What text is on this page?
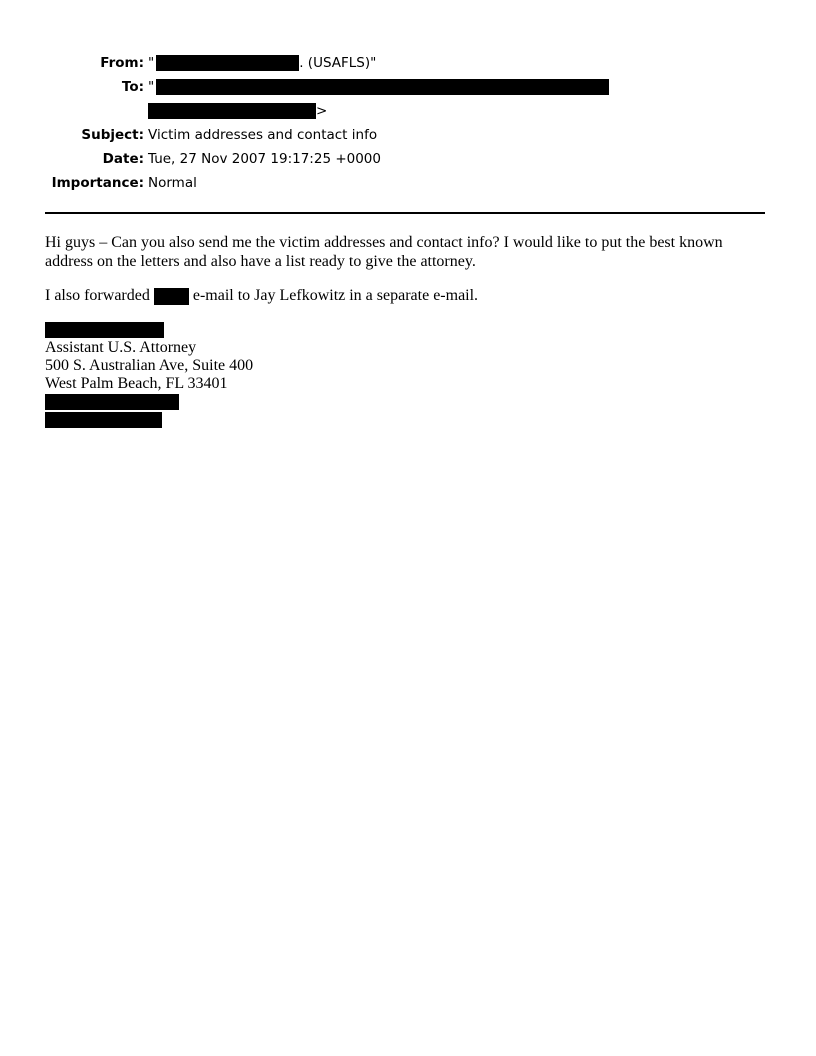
From: "	. (USAFLS)"
To: "
>
Subject: Victim addresses and contact info
Date: Tue, 27 Nov 2007 19:17:25 +0000
Importance: Normal

Hi guys – Can you also send me the victim addresses and contact info? I would like to put the best known address on the letters and also have a list ready to give the attorney.

I also forwarded  e-mail to Jay Lefkowitz in a separate e-mail.

Assistant U.S. Attorney
500 S. Australian Ave, Suite 400
West Palm Beach, FL 33401
